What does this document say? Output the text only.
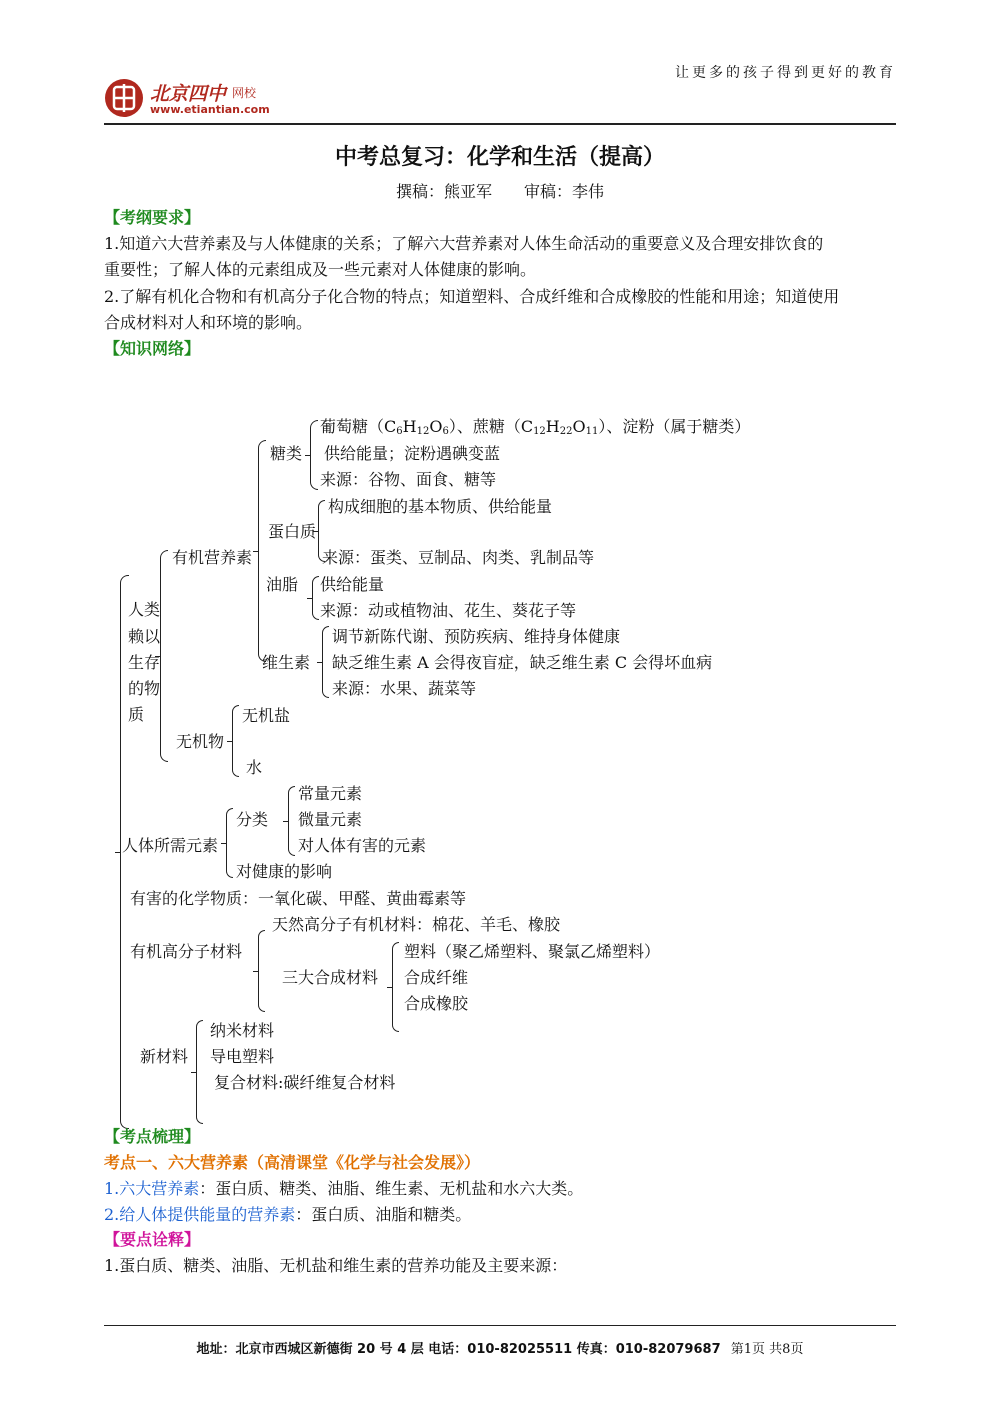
让更多的孩子得到更好的教育
北京四中 网校
www.etiantian.com
中考总复习：化学和生活（提高）
撰稿：熊亚军　　审稿：李伟
【考纲要求】
1.知道六大营养素及与人体健康的关系；了解六大营养素对人体生命活动的重要意义及合理安排饮食的
重要性；了解人体的元素组成及一些元素对人体健康的影响。
2.了解有机化合物和有机高分子化合物的特点；知道塑料、合成纤维和合成橡胶的性能和用途；知道使用
合成材料对人和环境的影响。
【知识网络】
人类
赖以
生存
的物
质
有机营养素
糖类
葡萄糖$(C_6H_{12}O_6)$、蔗糖$(C_{12}H_{22}O_{11})$、淀粉（属于糖类）
供给能量；淀粉遇碘变蓝
来源：谷物、面食、糖等
蛋白质
构成细胞的基本物质、供给能量
来源：蛋类、豆制品、肉类、乳制品等
油脂 供给能量
来源：动或植物油、花生、葵花子等
维生素
调节新陈代谢、预防疾病、维持身体健康
缺乏维生素 A 会得夜盲症，缺乏维生素 C 会得坏血病
来源：水果、蔬菜等
无机物
无机盐
水
人体所需元素
分类
常量元素
微量元素
对人体有害的元素
对健康的影响
有害的化学物质：一氧化碳、甲醛、黄曲霉素等
有机高分子材料
天然高分子有机材料：棉花、羊毛、橡胶
三大合成材料
塑料（聚乙烯塑料、聚氯乙烯塑料）
合成纤维
合成橡胶
新材料
纳米材料
导电塑料
复合材料:碳纤维复合材料
【考点梳理】
考点一、六大营养素（高清课堂《化学与社会发展》）
1.六大营养素：蛋白质、糖类、油脂、维生素、无机盐和水六大类。
2.给人体提供能量的营养素：蛋白质、油脂和糖类。
【要点诠释】
1.蛋白质、糖类、油脂、无机盐和维生素的营养功能及主要来源：
地址：北京市西城区新德街 20 号 4 层 电话：010-82025511 传真：010-82079687 第1页 共8页
